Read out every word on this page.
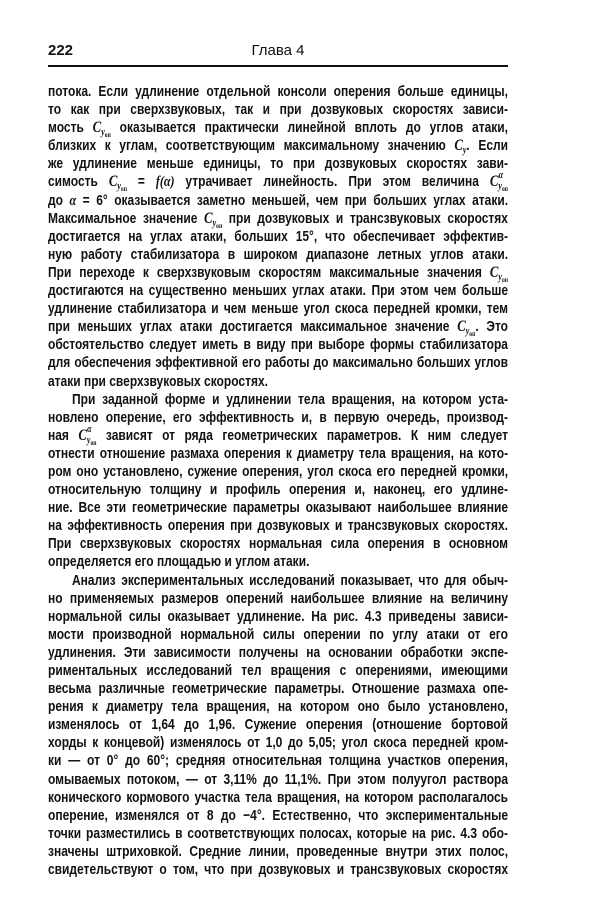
222	Глава 4
потока. Если удлинение отдельной консоли оперения больше единицы,
то как при сверхзвуковых, так и при дозвуковых скоростях зависи-
мость $C_{y_{оп}}$ оказывается практически линейной вплоть до углов атаки,
близких к углам, соответствующим максимальному значению $C_y$. Если
же удлинение меньше единицы, то при дозвуковых скоростях зави-
симость $C_{y_{оп}} = f(\alpha)$ утрачивает линейность. При этом величина C α
$_{y_{оп}}$
до α = 6° оказывается заметно меньшей, чем при больших углах атаки.
Максимальное значение $C_{y_{оп}}$ при дозвуковых и трансзвуковых скоростях
достигается на углах атаки, больших 15°, что обеспечивает эффектив-
ную работу стабилизатора в широком диапазоне летных углов атаки.
При переходе к сверхзвуковым скоростям максимальные значения $C_{y_{оп}}$
достигаются на существенно меньших углах атаки. При этом чем больше
удлинение стабилизатора и чем меньше угол скоса передней кромки, тем
при меньших углах атаки достигается максимальное значение $C_{y_{оп}}$. Это
обстоятельство следует иметь в виду при выборе формы стабилизатора
для обеспечения эффективной его работы до максимально больших углов
атаки при сверхзвуковых скоростях.
При заданной форме и удлинении тела вращения, на котором уста-
новлено оперение, его эффективность и, в первую очередь, производ-
ная C α
$_{y_{оп}}$ зависят от ряда геометрических параметров. К ним следует
отнести отношение размаха оперения к диаметру тела вращения, на кото-
ром оно установлено, сужение оперения, угол скоса его передней кромки,
относительную толщину и профиль оперения и, наконец, его удлине-
ние. Все эти геометрические параметры оказывают наибольшее влияние
на эффективность оперения при дозвуковых и трансзвуковых скоростях.
При сверхзвуковых скоростях нормальная сила оперения в основном
определяется его площадью и углом атаки.
Анализ экспериментальных исследований показывает, что для обыч-
но применяемых размеров оперений наибольшее влияние на величину
нормальной силы оказывает удлинение. На рис. 4.3 приведены зависи-
мости производной нормальной силы оперении по углу атаки от его
удлинения. Эти зависимости получены на основании обработки экспе-
риментальных исследований тел вращения с оперениями, имеющими
весьма различные геометрические параметры. Отношение размаха опе-
рения к диаметру тела вращения, на котором оно было установлено,
изменялось от 1,64 до 1,96. Сужение оперения (отношение бортовой
хорды к концевой) изменялось от 1,0 до 5,05; угол скоса передней кром-
ки — от 0° до 60°; средняя относительная толщина участков оперения,
омываемых потоком, — от 3,11% до 11,1%. При этом полуугол раствора
конического кормового участка тела вращения, на котором располагалось
оперение, изменялся от 8 до −4°. Естественно, что экспериментальные
точки разместились в соответствующих полосах, которые на рис. 4.3 обо-
значены штриховкой. Средние линии, проведенные внутри этих полос,
свидетельствуют о том, что при дозвуковых и трансзвуковых скоростях
